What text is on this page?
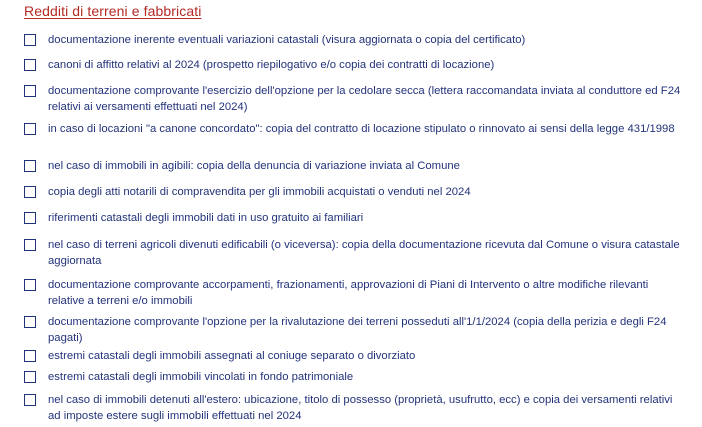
Redditi di terreni e fabbricati
documentazione inerente eventuali variazioni catastali (visura aggiornata o copia del certificato)
canoni di affitto relativi al 2024 (prospetto riepilogativo e/o copia dei contratti di locazione)
documentazione comprovante l'esercizio dell'opzione per la cedolare secca (lettera raccomandata inviata al conduttore ed F24 relativi ai versamenti effettuati nel 2024)
in caso di locazioni "a canone concordato": copia del contratto di locazione stipulato o rinnovato ai sensi della legge 431/1998
nel caso di immobili in agibili: copia della denuncia di variazione inviata al Comune
copia degli atti notarili di compravendita per gli immobili acquistati o venduti nel 2024
riferimenti catastali degli immobili dati in uso gratuito ai familiari
nel caso di terreni agricoli divenuti edificabili (o viceversa): copia della documentazione ricevuta dal Comune o visura catastale aggiornata
documentazione comprovante accorpamenti, frazionamenti, approvazioni di Piani di Intervento o altre modifiche rilevanti relative a terreni e/o immobili
documentazione comprovante l'opzione per la rivalutazione dei terreni posseduti all'1/1/2024 (copia della perizia e degli F24 pagati)
estremi catastali degli immobili assegnati al coniuge separato o divorziato
estremi catastali degli immobili vincolati in fondo patrimoniale
nel caso di immobili detenuti all'estero: ubicazione, titolo di possesso (proprietà, usufrutto, ecc) e copia dei versamenti relativi ad imposte estere sugli immobili effettuati nel 2024
